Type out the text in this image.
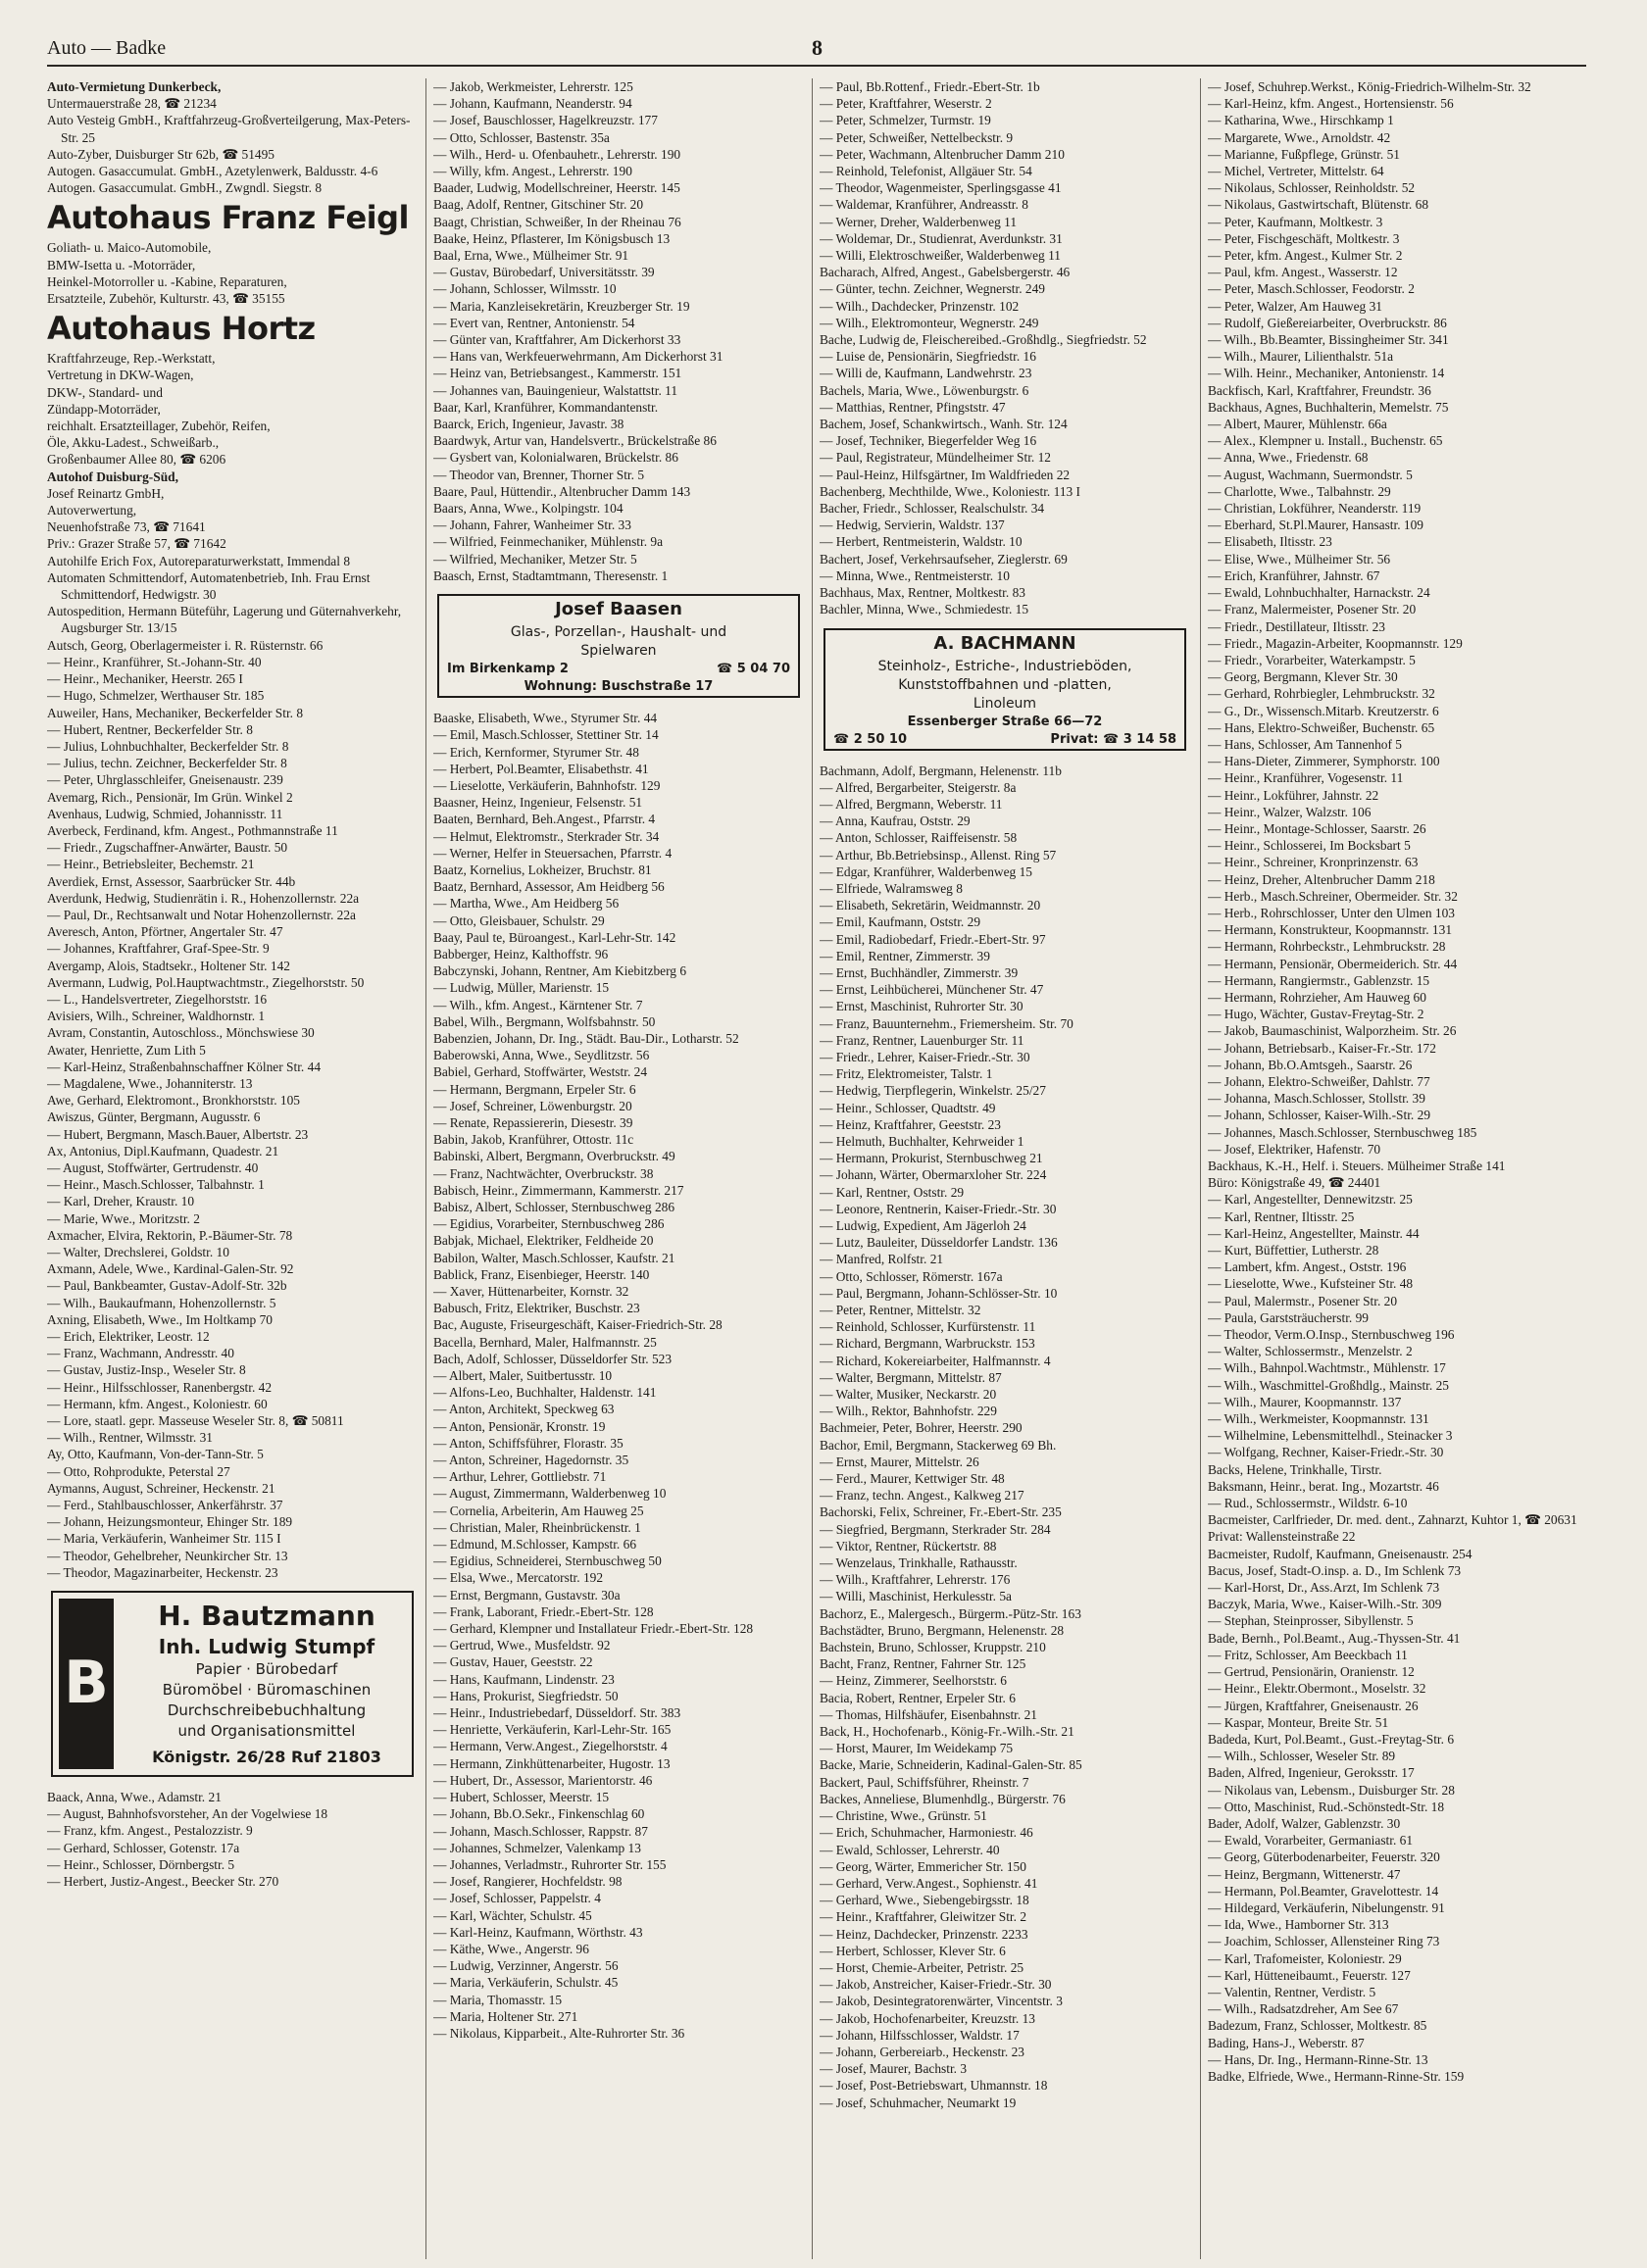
Auto — Badke	8
Auto-Vermietung Dunkerbeck,
Untermauerstraße 28, ☎ 21234
Auto Vesteig GmbH., Kraftfahrzeug-Großverteilgerung, Max-Peters-Str. 25
Auto-Zyber, Duisburger Str 62b, ☎ 51495
Autogen. Gasaccumulat. GmbH., Azetylenwerk, Baldusstr. 4-6
Autogen. Gasaccumulat. GmbH., Zwgndl. Siegstr. 8
Autohaus Franz Feigl
Goliath- u. Maico-Automobile,
BMW-Isetta u. -Motorräder,
Heinkel-Motorroller u. -Kabine, Reparaturen,
Ersatzteile, Zubehör, Kulturstr. 43, ☎ 35155
Autohaus Hortz
Kraftfahrzeuge, Rep.-Werkstatt,
Vertretung in DKW-Wagen,
DKW-, Standard- und
Zündapp-Motorräder,
reichhalt. Ersatzteillager, Zubehör, Reifen,
Öle, Akku-Ladest., Schweißarb.,
Großenbaumer Allee 80, ☎ 6206
Autohof Duisburg-Süd,
Josef Reinartz GmbH,
Autoverwertung,
Neuenhofstraße 73, ☎ 71641
Priv.: Grazer Straße 57, ☎ 71642
Autohilfe Erich Fox, Autoreparaturwerkstatt, Immendal 8
Automaten Schmittendorf, Automatenbetrieb, Inh. Frau Ernst Schmittendorf, Hedwigstr. 30
Autospedition, Hermann Büteführ, Lagerung und Güternahverkehr, Augsburger Str. 13/15
Autsch, Georg, Oberlagermeister i. R. Rüsternstr. 66
— Heinr., Kranführer, St.-Johann-Str. 40
— Heinr., Mechaniker, Heerstr. 265 I
— Hugo, Schmelzer, Werthauser Str. 185
Auweiler, Hans, Mechaniker, Beckerfelder Str. 8
— Hubert, Rentner, Beckerfelder Str. 8
— Julius, Lohnbuchhalter, Beckerfelder Str. 8
— Julius, techn. Zeichner, Beckerfelder Str. 8
— Peter, Uhrglasschleifer, Gneisenaustr. 239
Avemarg, Rich., Pensionär, Im Grün. Winkel 2
Avenhaus, Ludwig, Schmied, Johannisstr. 11
Averbeck, Ferdinand, kfm. Angest., Pothmannstraße 11
— Friedr., Zugschaffner-Anwärter, Baustr. 50
— Heinr., Betriebsleiter, Bechemstr. 21
Averdiek, Ernst, Assessor, Saarbrücker Str. 44b
Averdunk, Hedwig, Studienrätin i. R., Hohenzollernstr. 22a
— Paul, Dr., Rechtsanwalt und Notar Hohenzollernstr. 22a
Averesch, Anton, Pförtner, Angertaler Str. 47
— Johannes, Kraftfahrer, Graf-Spee-Str. 9
Avergamp, Alois, Stadtsekr., Holtener Str. 142
Avermann, Ludwig, Pol.Hauptwachtmstr., Ziegelhorststr. 50
— L., Handelsvertreter, Ziegelhorststr. 16
Avisiers, Wilh., Schreiner, Waldhornstr. 1
Avram, Constantin, Autoschloss., Mönchswiese 30
Awater, Henriette, Zum Lith 5
— Karl-Heinz, Straßenbahnschaffner Kölner Str. 44
— Magdalene, Wwe., Johanniterstr. 13
Awe, Gerhard, Elektromont., Bronkhorststr. 105
Awiszus, Günter, Bergmann, Augusstr. 6
— Hubert, Bergmann, Masch.Bauer, Albertstr. 23
Ax, Antonius, Dipl.Kaufmann, Quadestr. 21
— August, Stoffwärter, Gertrudenstr. 40
— Heinr., Masch.Schlosser, Talbahnstr. 1
— Karl, Dreher, Kraustr. 10
— Marie, Wwe., Moritzstr. 2
Axmacher, Elvira, Rektorin, P.-Bäumer-Str. 78
— Walter, Drechslerei, Goldstr. 10
Axmann, Adele, Wwe., Kardinal-Galen-Str. 92
— Paul, Bankbeamter, Gustav-Adolf-Str. 32b
— Wilh., Baukaufmann, Hohenzollernstr. 5
Axning, Elisabeth, Wwe., Im Holtkamp 70
— Erich, Elektriker, Leostr. 12
— Franz, Wachmann, Andresstr. 40
— Gustav, Justiz-Insp., Weseler Str. 8
— Heinr., Hilfsschlosser, Ranenbergstr. 42
— Hermann, kfm. Angest., Koloniestr. 60
— Lore, staatl. gepr. Masseuse Weseler Str. 8, ☎ 50811
— Wilh., Rentner, Wilmsstr. 31
Ay, Otto, Kaufmann, Von-der-Tann-Str. 5
— Otto, Rohprodukte, Peterstal 27
Aymanns, August, Schreiner, Heckenstr. 21
— Ferd., Stahlbauschlosser, Ankerfährstr. 37
— Johann, Heizungsmonteur, Ehinger Str. 189
— Maria, Verkäuferin, Wanheimer Str. 115 I
— Theodor, Gehelbreher, Neunkircher Str. 13
— Theodor, Magazinarbeiter, Heckenstr. 23
B
H. Bautzmann
Inh. Ludwig Stumpf
Papier · Bürobedarf
Büromöbel · Büromaschinen
Durchschreibebuchhaltung
und Organisationsmittel
Königstr. 26/28 Ruf 21803
Baack, Anna, Wwe., Adamstr. 21
— August, Bahnhofsvorsteher, An der Vogelwiese 18
— Franz, kfm. Angest., Pestalozzistr. 9
— Gerhard, Schlosser, Gotenstr. 17a
— Heinr., Schlosser, Dörnbergstr. 5
— Herbert, Justiz-Angest., Beecker Str. 270
— Jakob, Werkmeister, Lehrerstr. 125
— Johann, Kaufmann, Neanderstr. 94
— Josef, Bauschlosser, Hagelkreuzstr. 177
— Otto, Schlosser, Bastenstr. 35a
— Wilh., Herd- u. Ofenbauhetr., Lehrerstr. 190
— Willy, kfm. Angest., Lehrerstr. 190
Baader, Ludwig, Modellschreiner, Heerstr. 145
Baag, Adolf, Rentner, Gitschiner Str. 20
Baagt, Christian, Schweißer, In der Rheinau 76
Baake, Heinz, Pflasterer, Im Königsbusch 13
Baal, Erna, Wwe., Mülheimer Str. 91
— Gustav, Bürobedarf, Universitätsstr. 39
— Johann, Schlosser, Wilmsstr. 10
— Maria, Kanzleisekretärin, Kreuzberger Str. 19
— Evert van, Rentner, Antonienstr. 54
— Günter van, Kraftfahrer, Am Dickerhorst 33
— Hans van, Werkfeuerwehrmann, Am Dickerhorst 31
— Heinz van, Betriebsangest., Kammerstr. 151
— Johannes van, Bauingenieur, Walstattstr. 11
Baar, Karl, Kranführer, Kommandantenstr.
Baarck, Erich, Ingenieur, Javastr. 38
Baardwyk, Artur van, Handelsvertr., Brückelstraße 86
— Gysbert van, Kolonialwaren, Brückelstr. 86
— Theodor van, Brenner, Thorner Str. 5
Baare, Paul, Hüttendir., Altenbrucher Damm 143
Baars, Anna, Wwe., Kolpingstr. 104
— Johann, Fahrer, Wanheimer Str. 33
— Wilfried, Feinmechaniker, Mühlenstr. 9a
— Wilfried, Mechaniker, Metzer Str. 5
Baasch, Ernst, Stadtamtmann, Theresenstr. 1
Josef Baasen
Glas-, Porzellan-, Haushalt- und
Spielwaren
Im Birkenkamp 2	☎ 5 04 70
Wohnung: Buschstraße 17
Baaske, Elisabeth, Wwe., Styrumer Str. 44
— Emil, Masch.Schlosser, Stettiner Str. 14
— Erich, Kernformer, Styrumer Str. 48
— Herbert, Pol.Beamter, Elisabethstr. 41
— Lieselotte, Verkäuferin, Bahnhofstr. 129
Baasner, Heinz, Ingenieur, Felsenstr. 51
Baaten, Bernhard, Beh.Angest., Pfarrstr. 4
— Helmut, Elektromstr., Sterkrader Str. 34
— Werner, Helfer in Steuersachen, Pfarrstr. 4
Baatz, Kornelius, Lokheizer, Bruchstr. 81
Baatz, Bernhard, Assessor, Am Heidberg 56
— Martha, Wwe., Am Heidberg 56
— Otto, Gleisbauer, Schulstr. 29
Baay, Paul te, Büroangest., Karl-Lehr-Str. 142
Babberger, Heinz, Kalthoffstr. 96
Babczynski, Johann, Rentner, Am Kiebitzberg 6
— Ludwig, Müller, Marienstr. 15
— Wilh., kfm. Angest., Kärntener Str. 7
Babel, Wilh., Bergmann, Wolfsbahnstr. 50
Babenzien, Johann, Dr. Ing., Städt. Bau-Dir., Lotharstr. 52
Baberowski, Anna, Wwe., Seydlitzstr. 56
Babiel, Gerhard, Stoffwärter, Weststr. 24
— Hermann, Bergmann, Erpeler Str. 6
— Josef, Schreiner, Löwenburgstr. 20
— Renate, Repassiererin, Diesestr. 39
Babin, Jakob, Kranführer, Ottostr. 11c
Babinski, Albert, Bergmann, Overbruckstr. 49
— Franz, Nachtwächter, Overbruckstr. 38
Babisch, Heinr., Zimmermann, Kammerstr. 217
Babisz, Albert, Schlosser, Sternbuschweg 286
— Egidius, Vorarbeiter, Sternbuschweg 286
Babjak, Michael, Elektriker, Feldheide 20
Babilon, Walter, Masch.Schlosser, Kaufstr. 21
Bablick, Franz, Eisenbieger, Heerstr. 140
— Xaver, Hüttenarbeiter, Kornstr. 32
Babusch, Fritz, Elektriker, Buschstr. 23
Bac, Auguste, Friseurgeschäft, Kaiser-Friedrich-Str. 28
Bacella, Bernhard, Maler, Halfmannstr. 25
Bach, Adolf, Schlosser, Düsseldorfer Str. 523
— Albert, Maler, Suitbertusstr. 10
— Alfons-Leo, Buchhalter, Haldenstr. 141
— Anton, Architekt, Speckweg 63
— Anton, Pensionär, Kronstr. 19
— Anton, Schiffsführer, Florastr. 35
— Anton, Schreiner, Hagedornstr. 35
— Arthur, Lehrer, Gottliebstr. 71
— August, Zimmermann, Walderbenweg 10
— Cornelia, Arbeiterin, Am Hauweg 25
— Christian, Maler, Rheinbrückenstr. 1
— Edmund, M.Schlosser, Kampstr. 66
— Egidius, Schneiderei, Sternbuschweg 50
— Elsa, Wwe., Mercatorstr. 192
— Ernst, Bergmann, Gustavstr. 30a
— Frank, Laborant, Friedr.-Ebert-Str. 128
— Gerhard, Klempner und Installateur Friedr.-Ebert-Str. 128
— Gertrud, Wwe., Musfeldstr. 92
— Gustav, Hauer, Geeststr. 22
— Hans, Kaufmann, Lindenstr. 23
— Hans, Prokurist, Siegfriedstr. 50
— Heinr., Industriebedarf, Düsseldorf. Str. 383
— Henriette, Verkäuferin, Karl-Lehr-Str. 165
— Hermann, Verw.Angest., Ziegelhorststr. 4
— Hermann, Zinkhüttenarbeiter, Hugostr. 13
— Hubert, Dr., Assessor, Marientorstr. 46
— Hubert, Schlosser, Meerstr. 15
— Johann, Bb.O.Sekr., Finkenschlag 60
— Johann, Masch.Schlosser, Rappstr. 87
— Johannes, Schmelzer, Valenkamp 13
— Johannes, Verladmstr., Ruhrorter Str. 155
— Josef, Rangierer, Hochfeldstr. 98
— Josef, Schlosser, Pappelstr. 4
— Karl, Wächter, Schulstr. 45
— Karl-Heinz, Kaufmann, Wörthstr. 43
— Käthe, Wwe., Angerstr. 96
— Ludwig, Verzinner, Angerstr. 56
— Maria, Verkäuferin, Schulstr. 45
— Maria, Thomasstr. 15
— Maria, Holtener Str. 271
— Nikolaus, Kipparbeit., Alte-Ruhrorter Str. 36
— Paul, Bb.Rottenf., Friedr.-Ebert-Str. 1b
— Peter, Kraftfahrer, Weserstr. 2
— Peter, Schmelzer, Turmstr. 19
— Peter, Schweißer, Nettelbeckstr. 9
— Peter, Wachmann, Altenbrucher Damm 210
— Reinhold, Telefonist, Allgäuer Str. 54
— Theodor, Wagenmeister, Sperlingsgasse 41
— Waldemar, Kranführer, Andreasstr. 8
— Werner, Dreher, Walderbenweg 11
— Woldemar, Dr., Studienrat, Averdunkstr. 31
— Willi, Elektroschweißer, Walderbenweg 11
Bacharach, Alfred, Angest., Gabelsbergerstr. 46
— Günter, techn. Zeichner, Wegnerstr. 249
— Wilh., Dachdecker, Prinzenstr. 102
— Wilh., Elektromonteur, Wegnerstr. 249
Bache, Ludwig de, Fleischereibed.-Großhdlg., Siegfriedstr. 52
— Luise de, Pensionärin, Siegfriedstr. 16
— Willi de, Kaufmann, Landwehrstr. 23
Bachels, Maria, Wwe., Löwenburgstr. 6
— Matthias, Rentner, Pfingststr. 47
Bachem, Josef, Schankwirtsch., Wanh. Str. 124
— Josef, Techniker, Biegerfelder Weg 16
— Paul, Registrateur, Mündelheimer Str. 12
— Paul-Heinz, Hilfsgärtner, Im Waldfrieden 22
Bachenberg, Mechthilde, Wwe., Koloniestr. 113 I
Bacher, Friedr., Schlosser, Realschulstr. 34
— Hedwig, Servierin, Waldstr. 137
— Herbert, Rentmeisterin, Waldstr. 10
Bachert, Josef, Verkehrsaufseher, Zieglerstr. 69
— Minna, Wwe., Rentmeisterstr. 10
Bachhaus, Max, Rentner, Moltkestr. 83
Bachler, Minna, Wwe., Schmiedestr. 15
A. BACHMANN
Steinholz-, Estriche-, Industrieböden,
Kunststoffbahnen und -platten,
Linoleum
Essenberger Straße 66—72
☎ 2 50 10	Privat: ☎ 3 14 58
Bachmann, Adolf, Bergmann, Helenenstr. 11b
— Alfred, Bergarbeiter, Steigerstr. 8a
— Alfred, Bergmann, Weberstr. 11
— Anna, Kaufrau, Oststr. 29
— Anton, Schlosser, Raiffeisenstr. 58
— Arthur, Bb.Betriebsinsp., Allenst. Ring 57
— Edgar, Kranführer, Walderbenweg 15
— Elfriede, Walramsweg 8
— Elisabeth, Sekretärin, Weidmannstr. 20
— Emil, Kaufmann, Oststr. 29
— Emil, Radiobedarf, Friedr.-Ebert-Str. 97
— Emil, Rentner, Zimmerstr. 39
— Ernst, Buchhändler, Zimmerstr. 39
— Ernst, Leihbücherei, Münchener Str. 47
— Ernst, Maschinist, Ruhrorter Str. 30
— Franz, Bauunternehm., Friemersheim. Str. 70
— Franz, Rentner, Lauenburger Str. 11
— Friedr., Lehrer, Kaiser-Friedr.-Str. 30
— Fritz, Elektromeister, Talstr. 1
— Hedwig, Tierpflegerin, Winkelstr. 25/27
— Heinr., Schlosser, Quadtstr. 49
— Heinz, Kraftfahrer, Geeststr. 23
— Helmuth, Buchhalter, Kehrweider 1
— Hermann, Prokurist, Sternbuschweg 21
— Johann, Wärter, Obermarxloher Str. 224
— Karl, Rentner, Oststr. 29
— Leonore, Rentnerin, Kaiser-Friedr.-Str. 30
— Ludwig, Expedient, Am Jägerloh 24
— Lutz, Bauleiter, Düsseldorfer Landstr. 136
— Manfred, Rolfstr. 21
— Otto, Schlosser, Römerstr. 167a
— Paul, Bergmann, Johann-Schlösser-Str. 10
— Peter, Rentner, Mittelstr. 32
— Reinhold, Schlosser, Kurfürstenstr. 11
— Richard, Bergmann, Warbruckstr. 153
— Richard, Kokereiarbeiter, Halfmannstr. 4
— Walter, Bergmann, Mittelstr. 87
— Walter, Musiker, Neckarstr. 20
— Wilh., Rektor, Bahnhofstr. 229
Bachmeier, Peter, Bohrer, Heerstr. 290
Bachor, Emil, Bergmann, Stackerweg 69 Bh.
— Ernst, Maurer, Mittelstr. 26
— Ferd., Maurer, Kettwiger Str. 48
— Franz, techn. Angest., Kalkweg 217
Bachorski, Felix, Schreiner, Fr.-Ebert-Str. 235
— Siegfried, Bergmann, Sterkrader Str. 284
— Viktor, Rentner, Rückertstr. 88
— Wenzelaus, Trinkhalle, Rathausstr.
— Wilh., Kraftfahrer, Lehrerstr. 176
— Willi, Maschinist, Herkulesstr. 5a
Bachorz, E., Malergesch., Bürgerm.-Pütz-Str. 163
Bachstädter, Bruno, Bergmann, Helenenstr. 28
Bachstein, Bruno, Schlosser, Kruppstr. 210
Bacht, Franz, Rentner, Fahrner Str. 125
— Heinz, Zimmerer, Seelhorststr. 6
Bacia, Robert, Rentner, Erpeler Str. 6
— Thomas, Hilfshäufer, Eisenbahnstr. 21
Back, H., Hochofenarb., König-Fr.-Wilh.-Str. 21
— Horst, Maurer, Im Weidekamp 75
Backe, Marie, Schneiderin, Kadinal-Galen-Str. 85
Backert, Paul, Schiffsführer, Rheinstr. 7
Backes, Anneliese, Blumenhdlg., Bürgerstr. 76
— Christine, Wwe., Grünstr. 51
— Erich, Schuhmacher, Harmoniestr. 46
— Ewald, Schlosser, Lehrerstr. 40
— Georg, Wärter, Emmericher Str. 150
— Gerhard, Verw.Angest., Sophienstr. 41
— Gerhard, Wwe., Siebengebirgsstr. 18
— Heinr., Kraftfahrer, Gleiwitzer Str. 2
— Heinz, Dachdecker, Prinzenstr. 2233
— Herbert, Schlosser, Klever Str. 6
— Horst, Chemie-Arbeiter, Petristr. 25
— Jakob, Anstreicher, Kaiser-Friedr.-Str. 30
— Jakob, Desintegratorenwärter, Vincentstr. 3
— Jakob, Hochofenarbeiter, Kreuzstr. 13
— Johann, Hilfsschlosser, Waldstr. 17
— Johann, Gerbereiarb., Heckenstr. 23
— Josef, Maurer, Bachstr. 3
— Josef, Post-Betriebswart, Uhmannstr. 18
— Josef, Schuhmacher, Neumarkt 19
— Josef, Schuhrep.Werkst., König-Friedrich-Wilhelm-Str. 32
— Karl-Heinz, kfm. Angest., Hortensienstr. 56
— Katharina, Wwe., Hirschkamp 1
— Margarete, Wwe., Arnoldstr. 42
— Marianne, Fußpflege, Grünstr. 51
— Michel, Vertreter, Mittelstr. 64
— Nikolaus, Schlosser, Reinholdstr. 52
— Nikolaus, Gastwirtschaft, Blütenstr. 68
— Peter, Kaufmann, Moltkestr. 3
— Peter, Fischgeschäft, Moltkestr. 3
— Peter, kfm. Angest., Kulmer Str. 2
— Paul, kfm. Angest., Wasserstr. 12
— Peter, Masch.Schlosser, Feodorstr. 2
— Peter, Walzer, Am Hauweg 31
— Rudolf, Gießereiarbeiter, Overbruckstr. 86
— Wilh., Bb.Beamter, Bissingheimer Str. 341
— Wilh., Maurer, Lilienthalstr. 51a
— Wilh. Heinr., Mechaniker, Antonienstr. 14
Backfisch, Karl, Kraftfahrer, Freundstr. 36
Backhaus, Agnes, Buchhalterin, Memelstr. 75
— Albert, Maurer, Mühlenstr. 66a
— Alex., Klempner u. Install., Buchenstr. 65
— Anna, Wwe., Friedenstr. 68
— August, Wachmann, Suermondstr. 5
— Charlotte, Wwe., Talbahnstr. 29
— Christian, Lokführer, Neanderstr. 119
— Eberhard, St.Pl.Maurer, Hansastr. 109
— Elisabeth, Iltisstr. 23
— Elise, Wwe., Mülheimer Str. 56
— Erich, Kranführer, Jahnstr. 67
— Ewald, Lohnbuchhalter, Harnackstr. 24
— Franz, Malermeister, Posener Str. 20
— Friedr., Destillateur, Iltisstr. 23
— Friedr., Magazin-Arbeiter, Koopmannstr. 129
— Friedr., Vorarbeiter, Waterkampstr. 5
— Georg, Bergmann, Klever Str. 30
— Gerhard, Rohrbiegler, Lehmbruckstr. 32
— G., Dr., Wissensch.Mitarb. Kreutzerstr. 6
— Hans, Elektro-Schweißer, Buchenstr. 65
— Hans, Schlosser, Am Tannenhof 5
— Hans-Dieter, Zimmerer, Symphorstr. 100
— Heinr., Kranführer, Vogesenstr. 11
— Heinr., Lokführer, Jahnstr. 22
— Heinr., Walzer, Walzstr. 106
— Heinr., Montage-Schlosser, Saarstr. 26
— Heinr., Schlosserei, Im Bocksbart 5
— Heinr., Schreiner, Kronprinzenstr. 63
— Heinz, Dreher, Altenbrucher Damm 218
— Herb., Masch.Schreiner, Obermeider. Str. 32
— Herb., Rohrschlosser, Unter den Ulmen 103
— Hermann, Konstrukteur, Koopmannstr. 131
— Hermann, Rohrbeckstr., Lehmbruckstr. 28
— Hermann, Pensionär, Obermeiderich. Str. 44
— Hermann, Rangiermstr., Gablenzstr. 15
— Hermann, Rohrzieher, Am Hauweg 60
— Hugo, Wächter, Gustav-Freytag-Str. 2
— Jakob, Baumaschinist, Walporzheim. Str. 26
— Johann, Betriebsarb., Kaiser-Fr.-Str. 172
— Johann, Bb.O.Amtsgeh., Saarstr. 26
— Johann, Elektro-Schweißer, Dahlstr. 77
— Johanna, Masch.Schlosser, Stollstr. 39
— Johann, Schlosser, Kaiser-Wilh.-Str. 29
— Johannes, Masch.Schlosser, Sternbuschweg 185
— Josef, Elektriker, Hafenstr. 70
Backhaus, K.-H., Helf. i. Steuers. Mülheimer Straße 141
Büro: Königstraße 49, ☎ 24401
— Karl, Angestellter, Dennewitzstr. 25
— Karl, Rentner, Iltisstr. 25
— Karl-Heinz, Angestellter, Mainstr. 44
— Kurt, Büffettier, Lutherstr. 28
— Lambert, kfm. Angest., Oststr. 196
— Lieselotte, Wwe., Kufsteiner Str. 48
— Paul, Malermstr., Posener Str. 20
— Paula, Garststräucherstr. 99
— Theodor, Verm.O.Insp., Sternbuschweg 196
— Walter, Schlossermstr., Menzelstr. 2
— Wilh., Bahnpol.Wachtmstr., Mühlenstr. 17
— Wilh., Waschmittel-Großhdlg., Mainstr. 25
— Wilh., Maurer, Koopmannstr. 137
— Wilh., Werkmeister, Koopmannstr. 131
— Wilhelmine, Lebensmittelhdl., Steinacker 3
— Wolfgang, Rechner, Kaiser-Friedr.-Str. 30
Backs, Helene, Trinkhalle, Tirstr.
Baksmann, Heinr., berat. Ing., Mozartstr. 46
— Rud., Schlossermstr., Wildstr. 6-10
Bacmeister, Carlfrieder, Dr. med. dent., Zahnarzt, Kuhtor 1, ☎ 20631
Privat: Wallensteinstraße 22
Bacmeister, Rudolf, Kaufmann, Gneisenaustr. 254
Bacus, Josef, Stadt-O.insp. a. D., Im Schlenk 73
— Karl-Horst, Dr., Ass.Arzt, Im Schlenk 73
Baczyk, Maria, Wwe., Kaiser-Wilh.-Str. 309
— Stephan, Steinprosser, Sibyllenstr. 5
Bade, Bernh., Pol.Beamt., Aug.-Thyssen-Str. 41
— Fritz, Schlosser, Am Beeckbach 11
— Gertrud, Pensionärin, Oranienstr. 12
— Heinr., Elektr.Obermont., Moselstr. 32
— Jürgen, Kraftfahrer, Gneisenaustr. 26
— Kaspar, Monteur, Breite Str. 51
Badeda, Kurt, Pol.Beamt., Gust.-Freytag-Str. 6
— Wilh., Schlosser, Weseler Str. 89
Baden, Alfred, Ingenieur, Geroksstr. 17
— Nikolaus van, Lebensm., Duisburger Str. 28
— Otto, Maschinist, Rud.-Schönstedt-Str. 18
Bader, Adolf, Walzer, Gablenzstr. 30
— Ewald, Vorarbeiter, Germaniastr. 61
— Georg, Güterbodenarbeiter, Feuerstr. 320
— Heinz, Bergmann, Wittenerstr. 47
— Hermann, Pol.Beamter, Gravelottestr. 14
— Hildegard, Verkäuferin, Nibelungenstr. 91
— Ida, Wwe., Hamborner Str. 313
— Joachim, Schlosser, Allensteiner Ring 73
— Karl, Trafomeister, Koloniestr. 29
— Karl, Hütteneibaumt., Feuerstr. 127
— Valentin, Rentner, Verdistr. 5
— Wilh., Radsatzdreher, Am See 67
Badezum, Franz, Schlosser, Moltkestr. 85
Bading, Hans-J., Weberstr. 87
— Hans, Dr. Ing., Hermann-Rinne-Str. 13
Badke, Elfriede, Wwe., Hermann-Rinne-Str. 159
